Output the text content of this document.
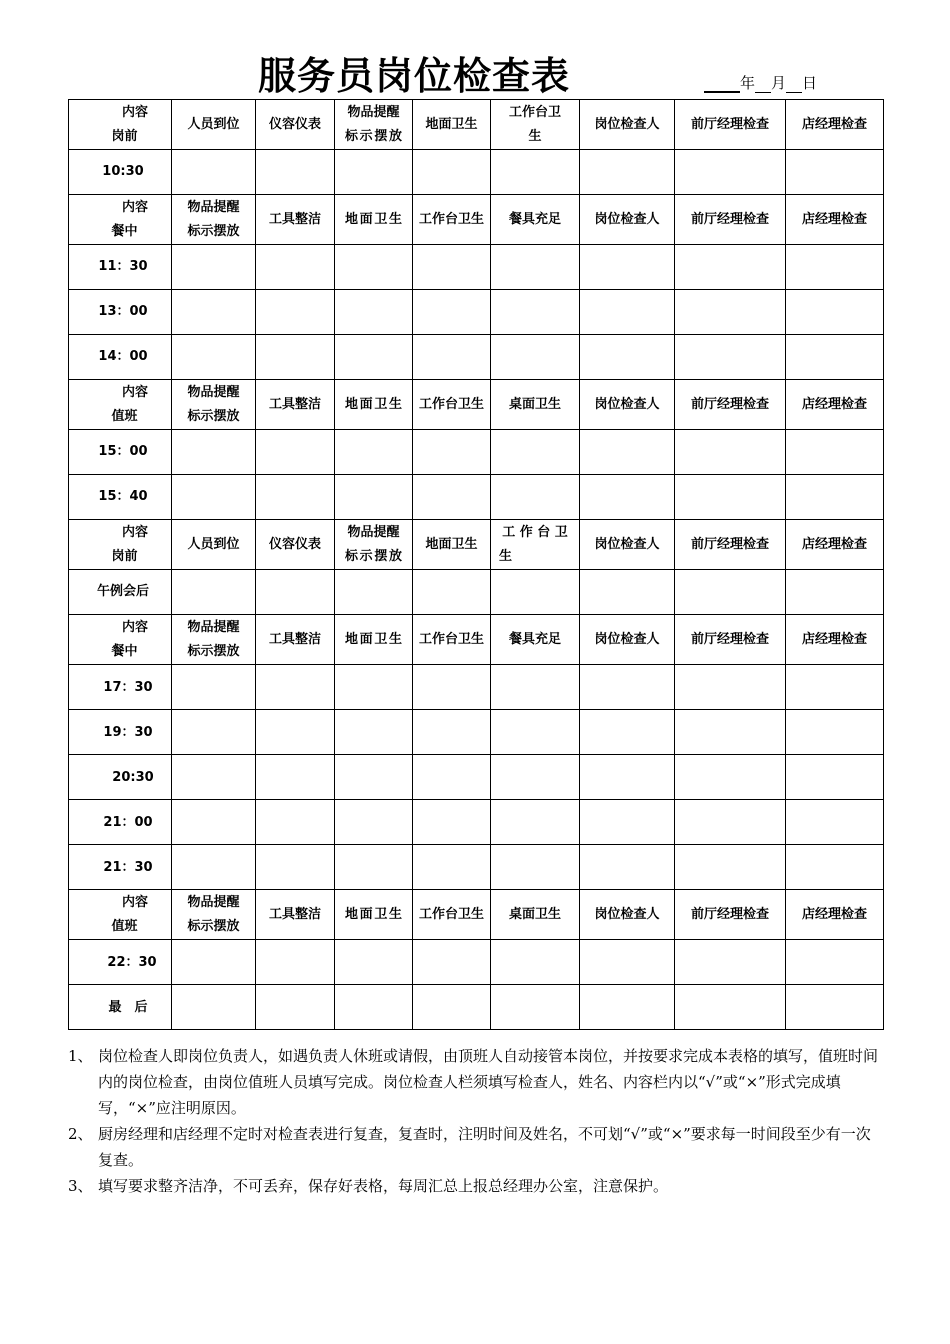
服务员岗位检查表	年 月 日
内容
岗前	人员到位	仪容仪表	物品提醒标示摆放	地面卫生	工作台卫生	岗位检查人	前厅经理检查	店经理检查
10:30								

内容
餐中	物品提醒标示摆放	工具整洁	地面卫生	工作台卫生	餐具充足	岗位检查人	前厅经理检查	店经理检查
11：30								
13：00								
14：00								

内容
值班	物品提醒标示摆放	工具整洁	地面卫生	工作台卫生	桌面卫生	岗位检查人	前厅经理检查	店经理检查
15：00								
15：40								

内容
岗前	人员到位	仪容仪表	物品提醒标示摆放	地面卫生	工 作 台 卫 生	岗位检查人	前厅经理检查	店经理检查
午例会后								

内容
餐中	物品提醒标示摆放	工具整洁	地面卫生	工作台卫生	餐具充足	岗位检查人	前厅经理检查	店经理检查

17：30								

19：30								

20:30								

21：00								

21：30								

内容
值班	物品提醒标示摆放	工具整洁	地面卫生	工作台卫生	桌面卫生	岗位检查人	前厅经理检查	店经理检查

22：30								

最　后								

1、 岗位检查人即岗位负责人，如遇负责人休班或请假，由顶班人自动接管本岗位，并按要求完成本表格的填写，值班时间内的岗位检查，由岗位值班人员填写完成。岗位检查人栏须填写检查人，姓名、内容栏内以“√”或“×”形式完成填写，“×”应注明原因。

2、 厨房经理和店经理不定时对检查表进行复查，复查时，注明时间及姓名，不可划“√”或“×”要求每一时间段至少有一次复查。

3、 填写要求整齐洁净，不可丢弃，保存好表格，每周汇总上报总经理办公室，注意保护。
